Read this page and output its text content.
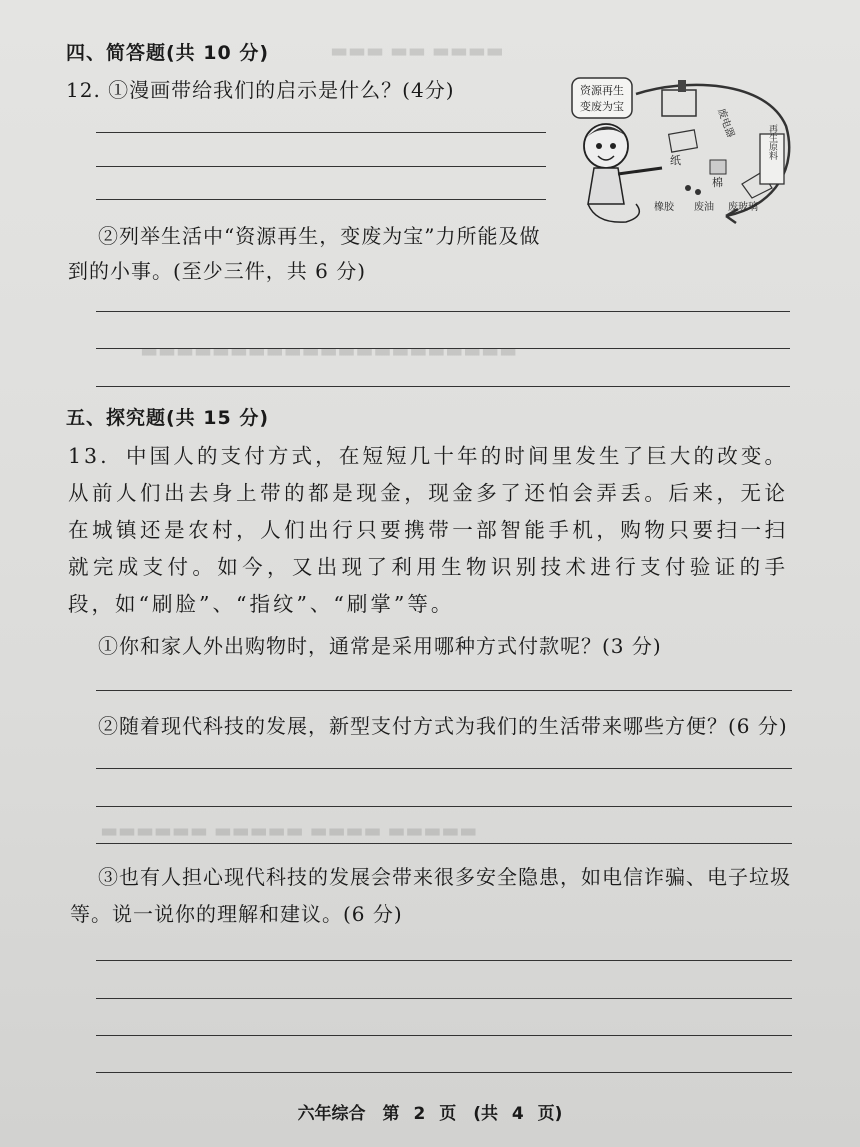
▬▬▬▬ ▬▬ ▬▬▬
▬▬▬▬▬▬▬▬▬▬▬▬▬▬▬▬▬▬▬▬▬
▬▬▬▬▬ ▬▬▬▬ ▬▬▬▬▬ ▬▬▬▬▬▬
四、简答题(共 10 分)
12. ①漫画带给我们的启示是什么？(4分)
②列举生活中“资源再生，变废为宝”力所能及做
到的小事。(至少三件，共 6 分)
资源再生
变废为宝
纸
废电器
棉
橡胶 废油 废玻璃
再生原料
五、探究题(共 15 分)
13. 中国人的支付方式，在短短几十年的时间里发生了巨大的改变。从前人们出去身上带的都是现金，现金多了还怕会弄丢。后来，无论在城镇还是农村，人们出行只要携带一部智能手机，购物只要扫一扫就完成支付。如今，又出现了利用生物识别技术进行支付验证的手段，如“刷脸”、“指纹”、“刷掌”等。
①你和家人外出购物时，通常是采用哪种方式付款呢？(3 分)
②随着现代科技的发展，新型支付方式为我们的生活带来哪些方便？(6 分)
③也有人担心现代科技的发展会带来很多安全隐患，如电信诈骗、电子垃圾
等。说一说你的理解和建议。(6 分)
六年综合　第 2 页　(共 4 页)
